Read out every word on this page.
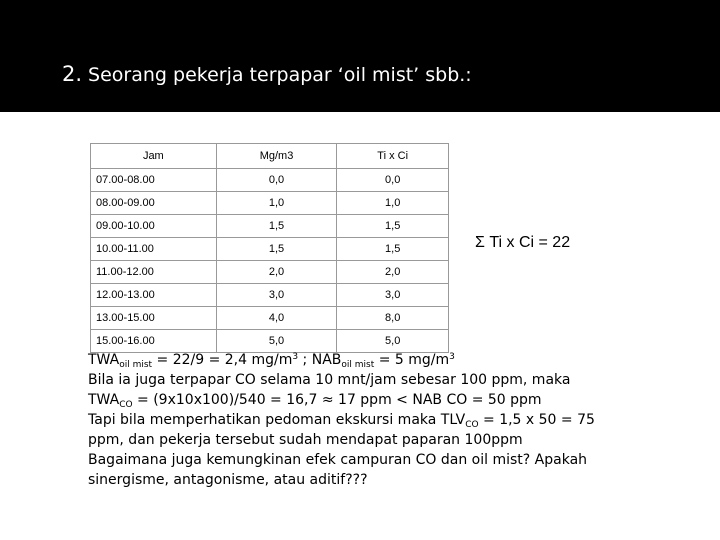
2. Seorang pekerja terpapar ‘oil mist’ sbb.:
Jam	Mg/m3	Ti x Ci
07.00-08.00	0,0	0,0
08.00-09.00	1,0	1,0
09.00-10.00	1,5	1,5
10.00-11.00	1,5	1,5
11.00-12.00	2,0	2,0
12.00-13.00	3,0	3,0
13.00-15.00	4,0	8,0
15.00-16.00	5,0	5,0
Σ Ti x Ci = 22

$TWA_{oil mist} = 22/9 = 2,4$ $mg/m^3$ ; $NAB_{oil mist} = 5$ $mg/m^3$

Bila ia juga terpapar CO selama 10 mnt/jam sebesar 100 ppm, maka

$TWA_{CO} = (9x10x100)/540 = 16,7 \approx 17$ ppm < NAB CO = 50 ppm

Tapi bila memperhatikan pedoman ekskursi maka $TLV_{CO} = 1,5$ x 50 = 75

ppm, dan pekerja tersebut sudah mendapat paparan 100ppm

Bagaimana juga kemungkinan efek campuran CO dan oil mist? Apakah

sinergisme, antagonisme, atau aditif???
